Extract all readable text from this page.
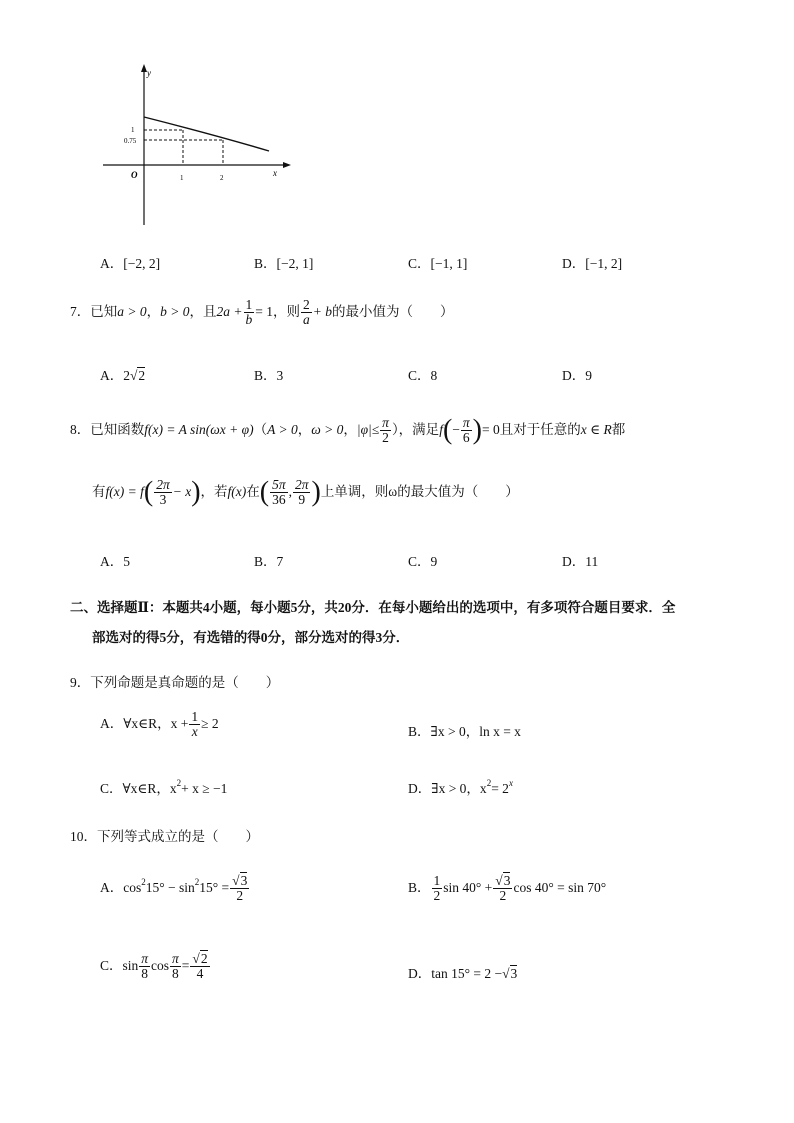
y
x
O
1
0.75
1	2
A．[−2, 2]	B．[−2, 1]	C．[−1, 1]	D．[−1, 2]
7．已知a > 0，b > 0，且$2a + \frac{1}{b} = 1$，则 $\frac{2}{a} + b$的最小值为（　　）
A．2√2	B．3	C．8	D．9
8．已知函数f(x) = A sin(ωx + φ)（A > 0，ω > 0，$|\varphi|\le \frac{\pi}{2}$ ），满足$f(- \frac{\pi}{6}$ )= 0且对于任意的x ∈ R都
有$f(x) = f( \frac{2\pi}{3} - x)$，若f(x)在( $\frac{5\pi}{36}$ , $\frac{2\pi}{9}$ )上单调，则ω的最大值为（　　）
A．5	B．7	C．9	D．11
二、选择题Ⅱ：本题共4小题，每小题5分，共20分．在每小题给出的选项中，有多项符合题目要求．全
部选对的得5分，有选错的得0分，部分选对的得3分．
9．下列命题是真命题的是（　　）
A．∀x∈R，$x + \frac{1}{x} \ge 2$
B．∃x > 0，ln x = x
C．∀x∈R，$x^2+ x \ge -1$	D．∃x > 0，$x^2= 2^x$
10．下列等式成立的是（　　）
A．$\cos^215^\circ - \sin^215^\circ = \frac{√3}{2}$	B． $\frac{1}{2}$ $\sin 40^\circ + \frac{√3}{2}$ cos 40° = sin 70°
C．$\sin \frac{\pi}{8}$ $\cos \frac{\pi}{8} = \frac{√2}{4}$	D．tan 15° = 2 −√3
